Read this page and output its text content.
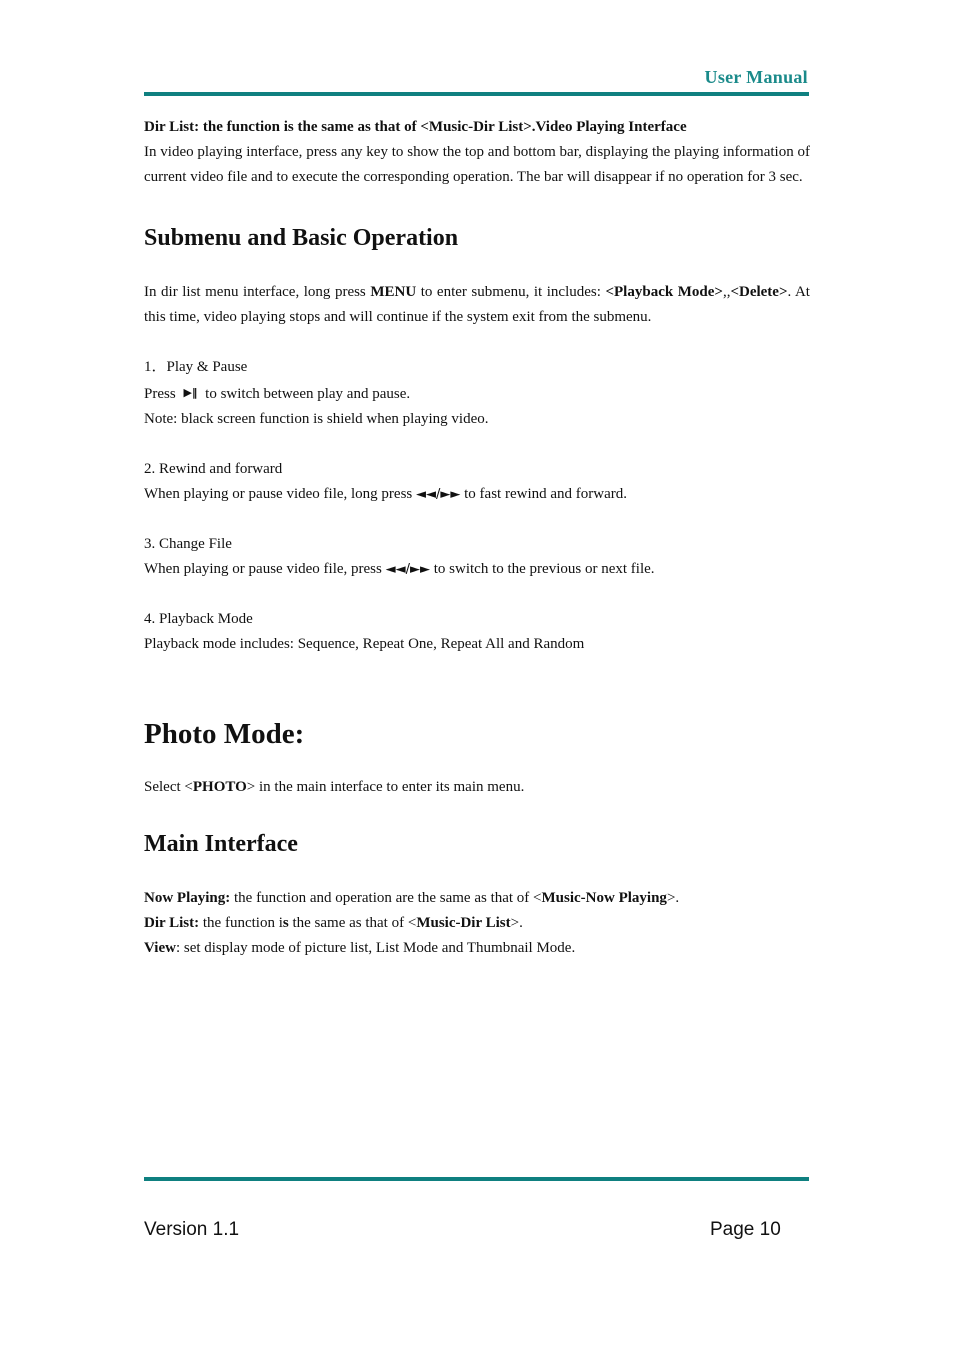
User Manual

Dir List: the function is the same as that of <Music-Dir List>.Video Playing Interface

In video playing interface, press any key to show the top and bottom bar, displaying the playing information of current video file and to execute the corresponding operation. The bar will disappear if no operation for 3 sec.

Submenu and Basic Operation

In dir list menu interface, long press MENU to enter submenu, it includes: <Playback Mode>,,<Delete>. At this time, video playing stops and will continue if the system exit from the submenu.

1．Play & Pause

Press ▶‖ to switch between play and pause.

Note: black screen function is shield when playing video.

2. Rewind and forward

When playing or pause video file, long press ◄◄/►► to fast rewind and forward.

3. Change File

When playing or pause video file, press ◄◄/►► to switch to the previous or next file.

4. Playback Mode

Playback mode includes: Sequence, Repeat One, Repeat All and Random

Photo Mode:

Select <PHOTO> in the main interface to enter its main menu.

Main Interface

Now Playing: the function and operation are the same as that of <Music-Now Playing>.

Dir List: the function is the same as that of <Music-Dir List>.

View: set display mode of picture list, List Mode and Thumbnail Mode.

Version 1.1	Page 10
